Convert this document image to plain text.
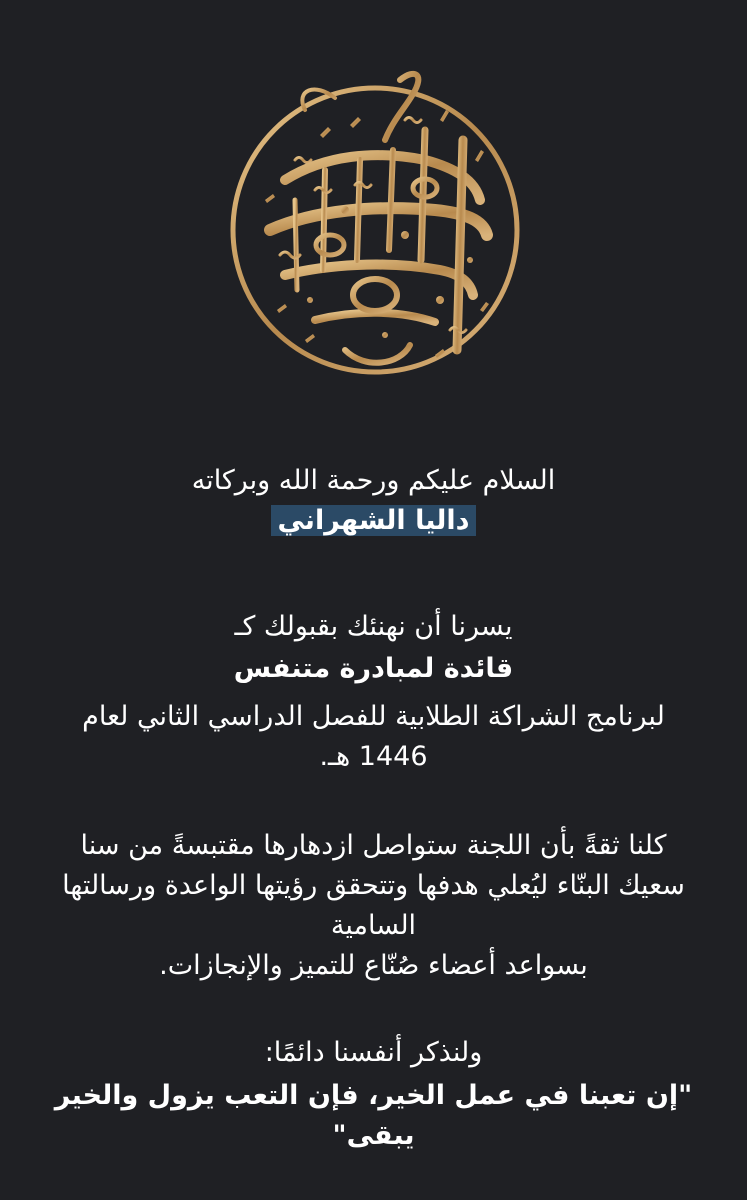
السلام عليكم ورحمة الله وبركاته

داليا الشهراني

يسرنا أن نهنئك بقبولك كـ

قائدة لمبادرة متنفس

لبرنامج الشراكة الطلابية للفصل الدراسي الثاني لعام

1446 هـ.

كلنا ثقةً بأن اللجنة ستواصل ازدهارها مقتبسةً من سنا

سعيك البنّاء ليُعلي هدفها وتتحقق رؤيتها الواعدة ورسالتها

السامية

بسواعد أعضاء صُنّاع للتميز والإنجازات.

ولنذكر أنفسنا دائمًا:

"إن تعبنا في عمل الخير، فإن التعب يزول والخير

يبقى"
